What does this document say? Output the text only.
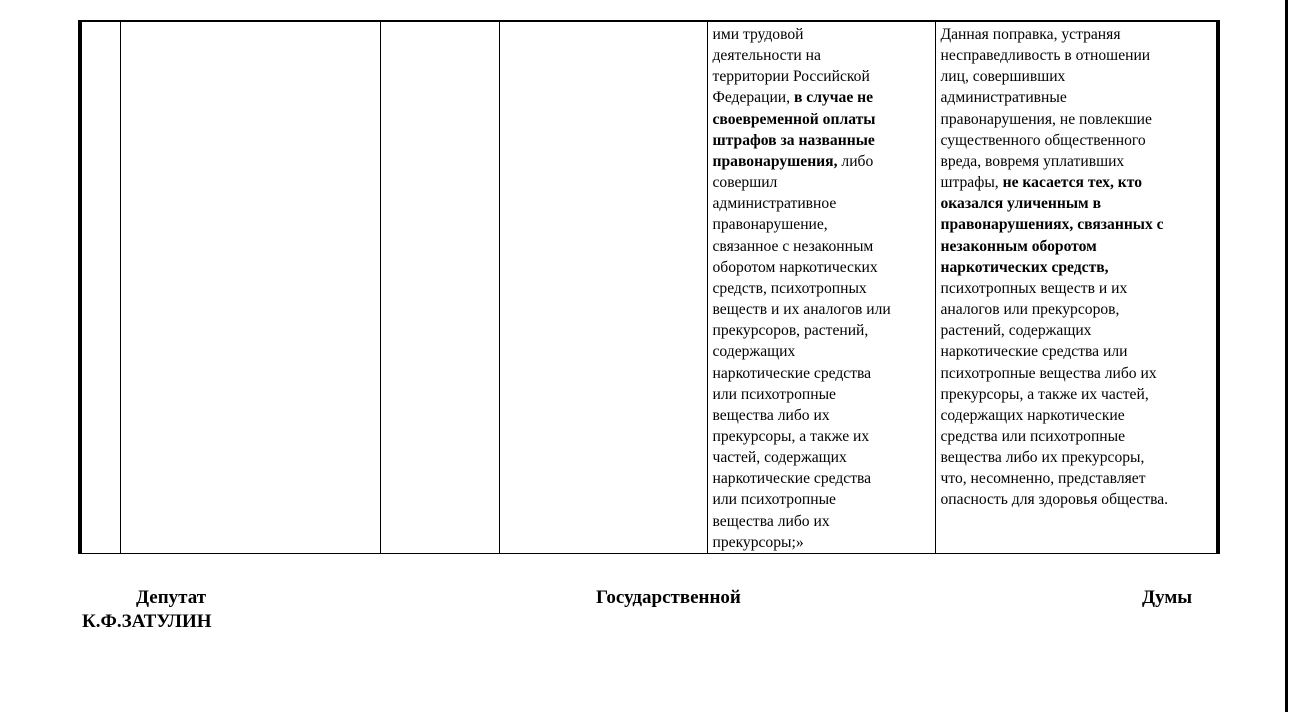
ими трудовой
деятельности на
территории Российской
Федерации, в случае не
своевременной оплаты
штрафов за названные
правонарушения, либо
совершил
административное
правонарушение,
связанное с незаконным
оборотом наркотических
средств, психотропных
веществ и их аналогов или
прекурсоров, растений,
содержащих
наркотические средства
или психотропные
вещества либо их
прекурсоры, а также их
частей, содержащих
наркотические средства
или психотропные
вещества либо их
прекурсоры;»

Данная поправка, устраняя
несправедливость в отношении
лиц, совершивших
административные
правонарушения, не повлекшие
существенного общественного
вреда, вовремя уплативших
штрафы, не касается тех, кто
оказался уличенным в
правонарушениях, связанных с
незаконным оборотом
наркотических средств,
психотропных веществ и их
аналогов или прекурсоров,
растений, содержащих
наркотические средства или
психотропные вещества либо их
прекурсоры, а также их частей,
содержащих наркотические
средства или психотропные
вещества либо их прекурсоры,
что, несомненно, представляет
опасность для здоровья общества.

Депутат	Государственной	Думы
К.Ф.ЗАТУЛИН
